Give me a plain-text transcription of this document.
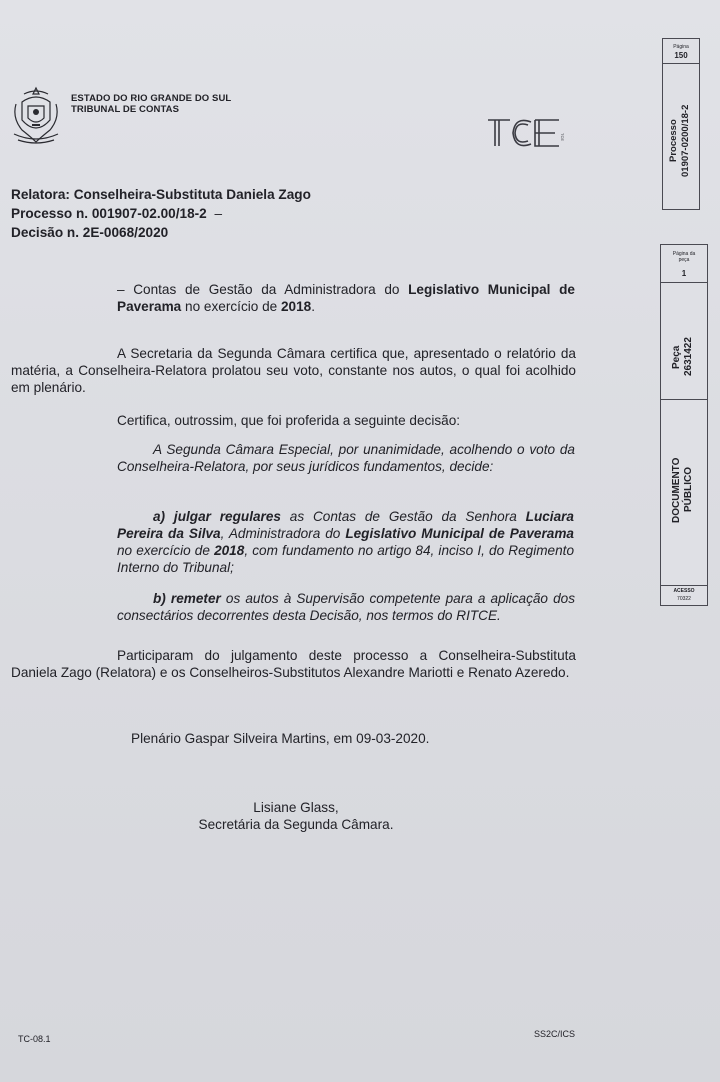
ESTADO DO RIO GRANDE DO SUL
TRIBUNAL DE CONTAS
TCE
Relatora: Conselheira-Substituta Daniela Zago
Processo n. 001907-02.00/18-2 –
Decisão n. 2E-0068/2020
– Contas de Gestão da Administradora do Legislativo Municipal de Paverama no exercício de 2018.
A Secretaria da Segunda Câmara certifica que, apresentado o relatório da matéria, a Conselheira-Relatora prolatou seu voto, constante nos autos, o qual foi acolhido em plenário.
Certifica, outrossim, que foi proferida a seguinte decisão:
A Segunda Câmara Especial, por unanimidade, acolhendo o voto da Conselheira-Relatora, por seus jurídicos fundamentos, decide:
a) julgar regulares as Contas de Gestão da Senhora Luciara Pereira da Silva, Administradora do Legislativo Municipal de Paverama no exercício de 2018, com fundamento no artigo 84, inciso I, do Regimento Interno do Tribunal;
b) remeter os autos à Supervisão competente para a aplicação dos consectários decorrentes desta Decisão, nos termos do RITCE.
Participaram do julgamento deste processo a Conselheira-Substituta Daniela Zago (Relatora) e os Conselheiros-Substitutos Alexandre Mariotti e Renato Azeredo.
Plenário Gaspar Silveira Martins, em 09-03-2020.
Lisiane Glass,
Secretária da Segunda Câmara.
Página
150
Processo
01907-0200/18-2
Página da peça
1
Peça
2631422
DOCUMENTO
PÚBLICO
ACESSO
70322
TC-08.1	SS2C/ICS
